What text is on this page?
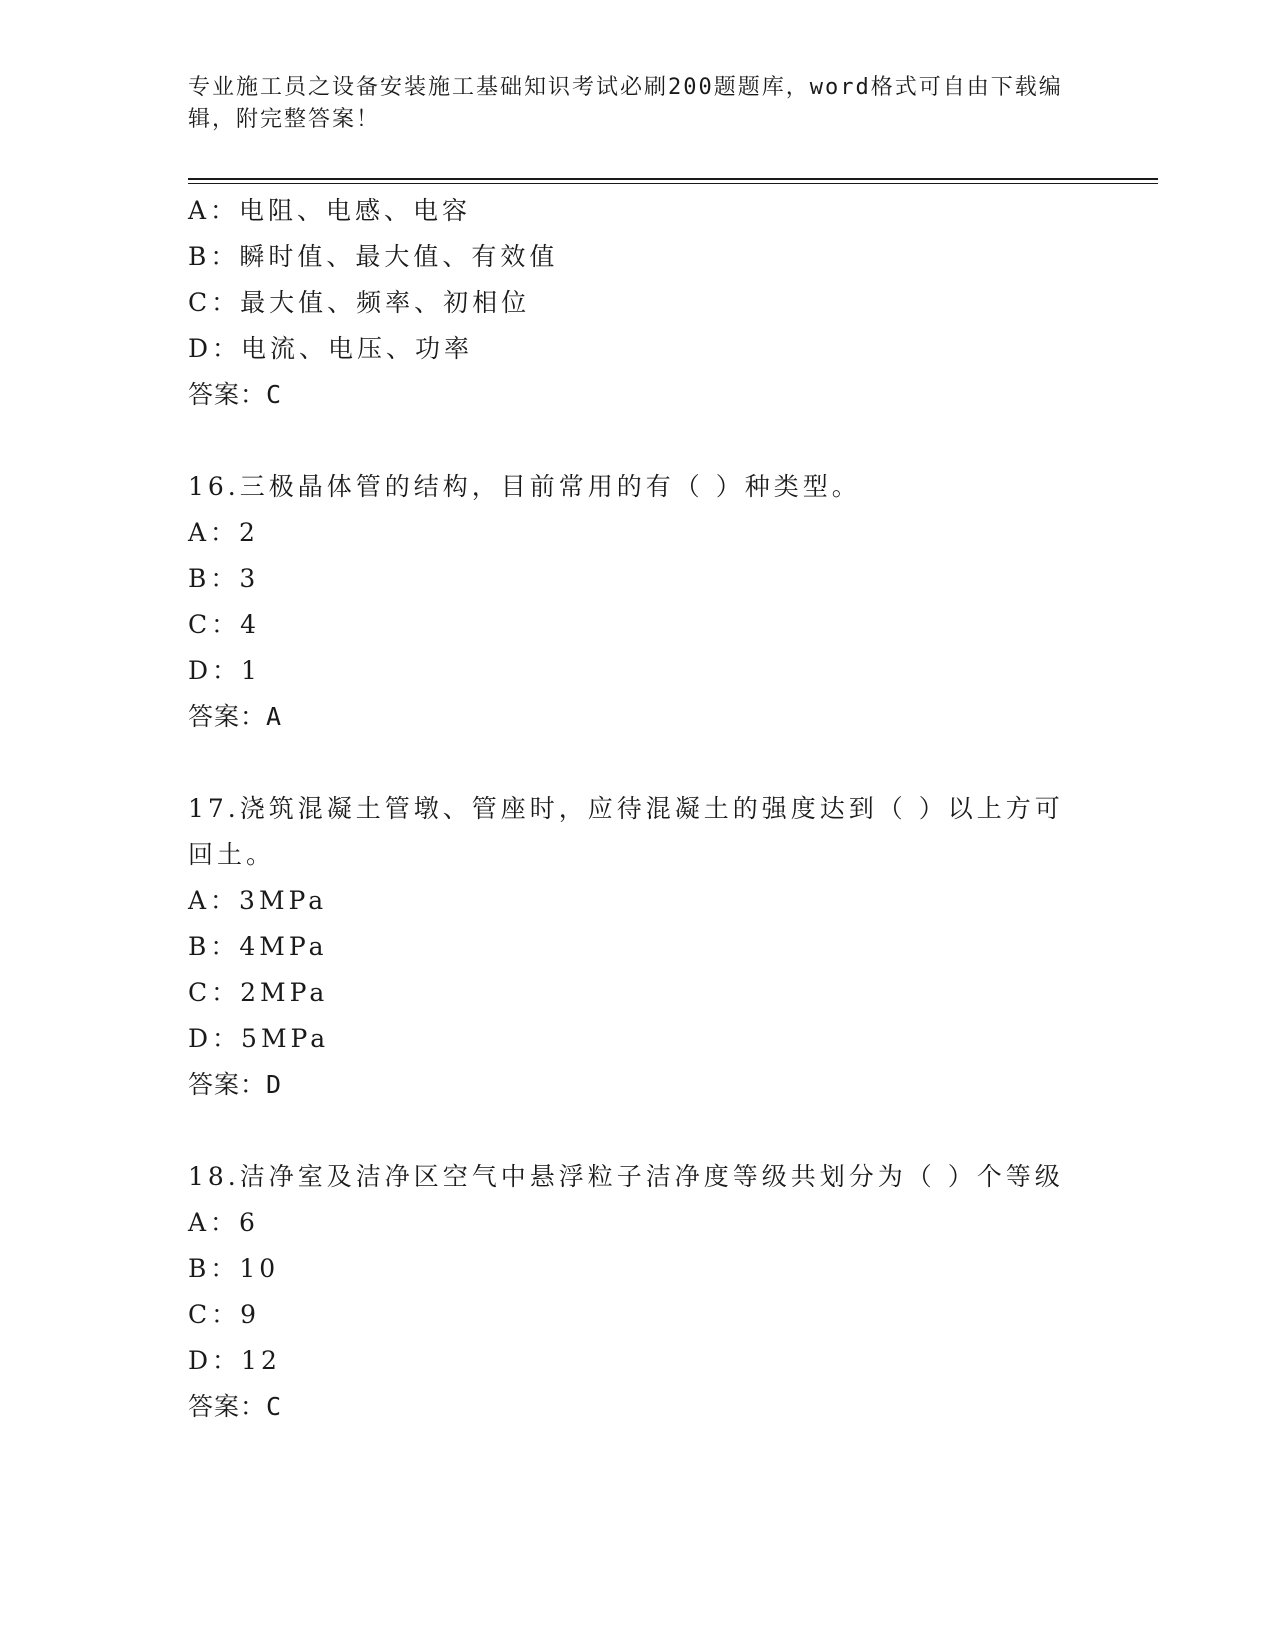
专业施工员之设备安装施工基础知识考试必刷200题题库，word格式可自由下载编辑，附完整答案！
A：电阻、电感、电容
B：瞬时值、最大值、有效值
C：最大值、频率、初相位
D：电流、电压、功率
答案：C
16.三极晶体管的结构，目前常用的有（ ）种类型。
A：2
B：3
C：4
D：1
答案：A
17.浇筑混凝土管墩、管座时，应待混凝土的强度达到（ ）以上方可回土。
A：3MPa
B：4MPa
C：2MPa
D：5MPa
答案：D
18.洁净室及洁净区空气中悬浮粒子洁净度等级共划分为（ ）个等级
A：6
B：10
C：9
D：12
答案：C
